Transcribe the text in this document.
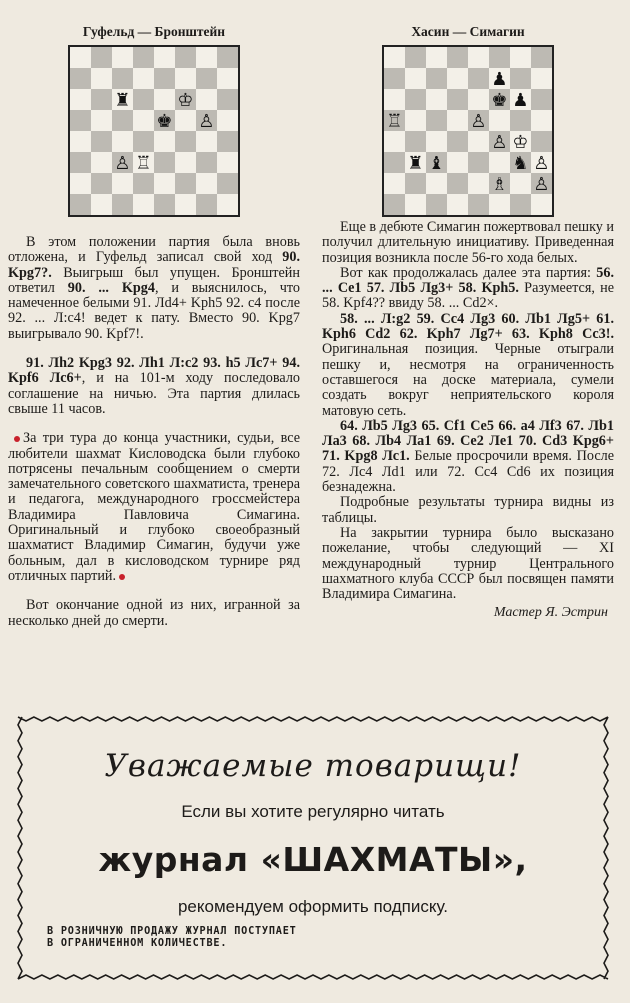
Гуфельд — Бронштейн
♜	♔
♚ ♙
♙ ♖

В этом положении партия была вновь отложена, и Гуфельд записал свой ход 90. Kpg7?. Выигрыш был упущен. Бронштейн ответил 90. ... Kpg4, и выяснилось, что намеченное белыми 91. Лd4+ Kph5 92. c4 после 92. ... Л:c4! ведет к пату. Вместо 90. Kpg7 выигрывало 90. Kpf7!.

91. Лh2 Kpg3 92. Лh1 Л:c2 93. h5 Лc7+ 94. Kpf6 Лc6+, и на 101-м ходу последовало соглашение на ничью. Эта партия длилась свыше 11 часов.

За три тура до конца участники, судьи, все любители шахмат Кисловодска были глубоко потрясены печальным сообщением о смерти замечательного советского шахматиста, тренера и педагога, международного гроссмейстера Владимира Павловича Симагина. Оригинальный и глубоко своеобразный шахматист Владимир Симагин, будучи уже больным, дал в кисловодском турнире ряд отличных партий.

Вот окончание одной из них, игранной за несколько дней до смерти.

Хасин — Симагин
♟
♚ ♟
♖	♙
♙ ♔
♜ ♝	♞ ♙
♗ ♙

Еще в дебюте Симагин пожертвовал пешку и получил длительную инициативу. Приведенная позиция возникла после 56-го хода белых.

Вот как продолжалась далее эта партия: 56. ... Ce1 57. Лb5 Лg3+ 58. Kph5. Разумеется, не 58. Kpf4?? ввиду 58. ... Cd2×.

58. ... Л:g2 59. Cc4 Лg3 60. Лb1 Лg5+ 61. Kph6 Cd2 62. Kph7 Лg7+ 63. Kph8 Cc3!. Оригинальная позиция. Черные отыграли пешку и, несмотря на ограниченность оставшегося на доске материала, сумели создать вокруг неприятельского короля матовую сеть.

64. Лb5 Лg3 65. Cf1 Ce5 66. a4 Лf3 67. Лb1 Лa3 68. Лb4 Лa1 69. Ce2 Лe1 70. Cd3 Kpg6+ 71. Kpg8 Лc1. Белые просрочили время. После 72. Лc4 Лd1 или 72. Cc4 Cd6 их позиция безнадежна.

Подробные результаты турнира видны из таблицы.

На закрытии турнира было высказано пожелание, чтобы следующий — XI международный турнир Центрального шахматного клуба СССР был посвящен памяти Владимира Симагина.

Мастер Я. Эстрин
Уважаемые товарищи!
Если вы хотите регулярно читать
журнал «ШАХМАТЫ»,
рекомендуем оформить подписку.
В РОЗНИЧНУЮ ПРОДАЖУ ЖУРНАЛ ПОСТУПАЕТ
В ОГРАНИЧЕННОМ КОЛИЧЕСТВЕ.
